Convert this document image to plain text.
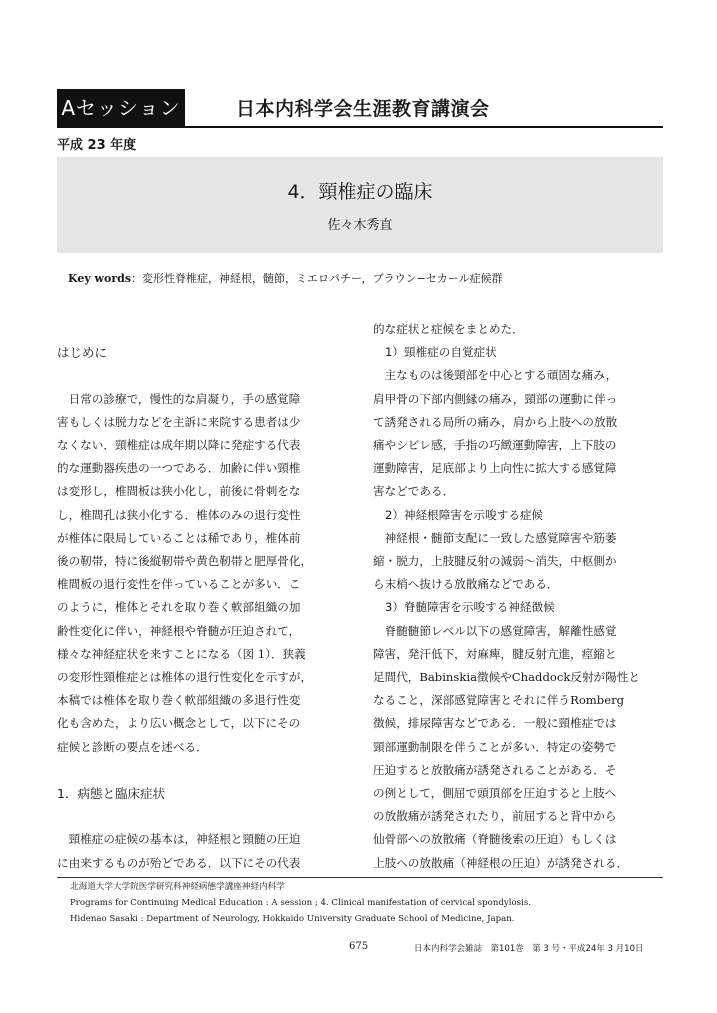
Aセッション	日本内科学会生涯教育講演会
平成 23 年度
4．頸椎症の臨床
佐々木秀直
Key words：変形性脊椎症，神経根，髄節，ミエロパチー，ブラウン−セカール症候群
はじめに

日常の診療で，慢性的な肩凝り，手の感覚障

害もしくは脱力などを主訴に来院する患者は少

なくない．頸椎症は成年期以降に発症する代表

的な運動器疾患の一つである．加齢に伴い頸椎

は変形し，椎間板は狭小化し，前後に骨刺をな

し，椎間孔は狭小化する．椎体のみの退行変性

が椎体に限局していることは稀であり，椎体前

後の靭帯，特に後縦靭帯や黄色靭帯と肥厚骨化，

椎間板の退行変性を伴っていることが多い．こ

のように，椎体とそれを取り巻く軟部組織の加

齢性変化に伴い，神経根や脊髄が圧迫されて，

様々な神経症状を来すことになる（図 1）．狭義

の変形性頸椎症とは椎体の退行性変化を示すが，

本稿では椎体を取り巻く軟部組織の多退行性変

化も含めた，より広い概念として，以下にその

症候と診断の要点を述べる．

1．病態と臨床症状

頸椎症の症候の基本は，神経根と頸髄の圧迫

に由来するものが殆どである．以下にその代表

的な症状と症候をまとめた．

1）頸椎症の自覚症状

主なものは後頸部を中心とする頑固な痛み，

肩甲骨の下部内側縁の痛み，頸部の運動に伴っ

て誘発される局所の痛み，肩から上肢への放散

痛やシビレ感，手指の巧緻運動障害，上下肢の

運動障害，足底部より上向性に拡大する感覚障

害などである．

2）神経根障害を示唆する症候

神経根・髄節支配に一致した感覚障害や筋萎

縮・脱力，上肢腱反射の減弱〜消失，中枢側か

ら末梢へ抜ける放散痛などである．

3）脊髄障害を示唆する神経徴候

脊髄髄節レベル以下の感覚障害，解離性感覚

障害，発汗低下，対麻痺，腱反射亢進，痙縮と

足間代，Babinskia徴候やChaddock反射が陽性と

なること，深部感覚障害とそれに伴うRomberg

徴候，排尿障害などである．一般に頸椎症では

頸部運動制限を伴うことが多い．特定の姿勢で

圧迫すると放散痛が誘発されることがある．そ

の例として，側屈で頭頂部を圧迫すると上肢へ

の放散痛が誘発されたり，前屈すると背中から

仙骨部への放散痛（脊髄後索の圧迫）もしくは

上肢への放散痛（神経根の圧迫）が誘発される．

北海道大学大学院医学研究科神経病態学講座神経内科学
Programs for Continuing Medical Education : A session ; 4. Clinical manifestation of cervical spondylosis.
Hidenao Sasaki : Department of Neurology, Hokkaido University Graduate School of Medicine, Japan.
675	日本内科学会雑誌　第101巻　第 3 号・平成24年 3 月10日
